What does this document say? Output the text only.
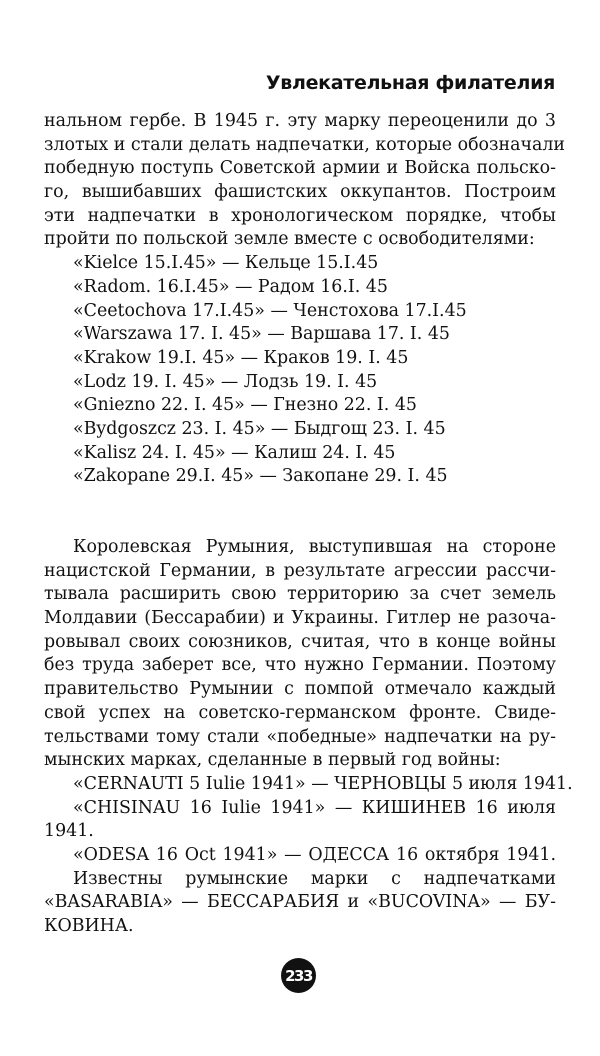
Увлекательная филателия
нальном гербе. В 1945 г. эту марку переоценили до 3
злотых и стали делать надпечатки, которые обозначали
победную поступь Советской армии и Войска польско-
го, вышибавших фашистских оккупантов. Построим
эти надпечатки в хронологическом порядке, чтобы
пройти по польской земле вместе с освободителями:
«Kielce 15.I.45» — Кельце 15.I.45
«Radom. 16.I.45» — Радом 16.I. 45
«Ceetochova 17.I.45» — Ченстохова 17.I.45
«Warszawa 17. I. 45» — Варшава 17. I. 45
«Krakow 19.I. 45» — Краков 19. I. 45
«Lodz 19. I. 45» — Лодзь 19. I. 45
«Gniezno 22. I. 45» — Гнезно 22. I. 45
«Bydgoszcz 23. I. 45» — Быдгощ 23. I. 45
«Kalisz 24. I. 45» — Калиш 24. I. 45
«Zakopane 29.I. 45» — Закопане 29. I. 45
Королевская Румыния, выступившая на стороне
нацистской Германии, в результате агрессии рассчи-
тывала расширить свою территорию за счет земель
Молдавии (Бессарабии) и Украины. Гитлер не разоча-
ровывал своих союзников, считая, что в конце войны
без труда заберет все, что нужно Германии. Поэтому
правительство Румынии с помпой отмечало каждый
свой успех на советско-германском фронте. Свиде-
тельствами тому стали «победные» надпечатки на ру-
мынских марках, сделанные в первый год войны:
«CERNAUTI 5 Iulie 1941» — ЧЕРНОВЦЫ 5 июля 1941.
«CHISINAU 16 Iulie 1941» — КИШИНЕВ 16 июля
1941.
«ODESA 16 Oct 1941» — ОДЕССА 16 октября 1941.
Известны румынские марки с надпечатками
«BASARABIA» — БЕССАРАБИЯ и «BUCOVINA» — БУ-
КОВИНА.
233
